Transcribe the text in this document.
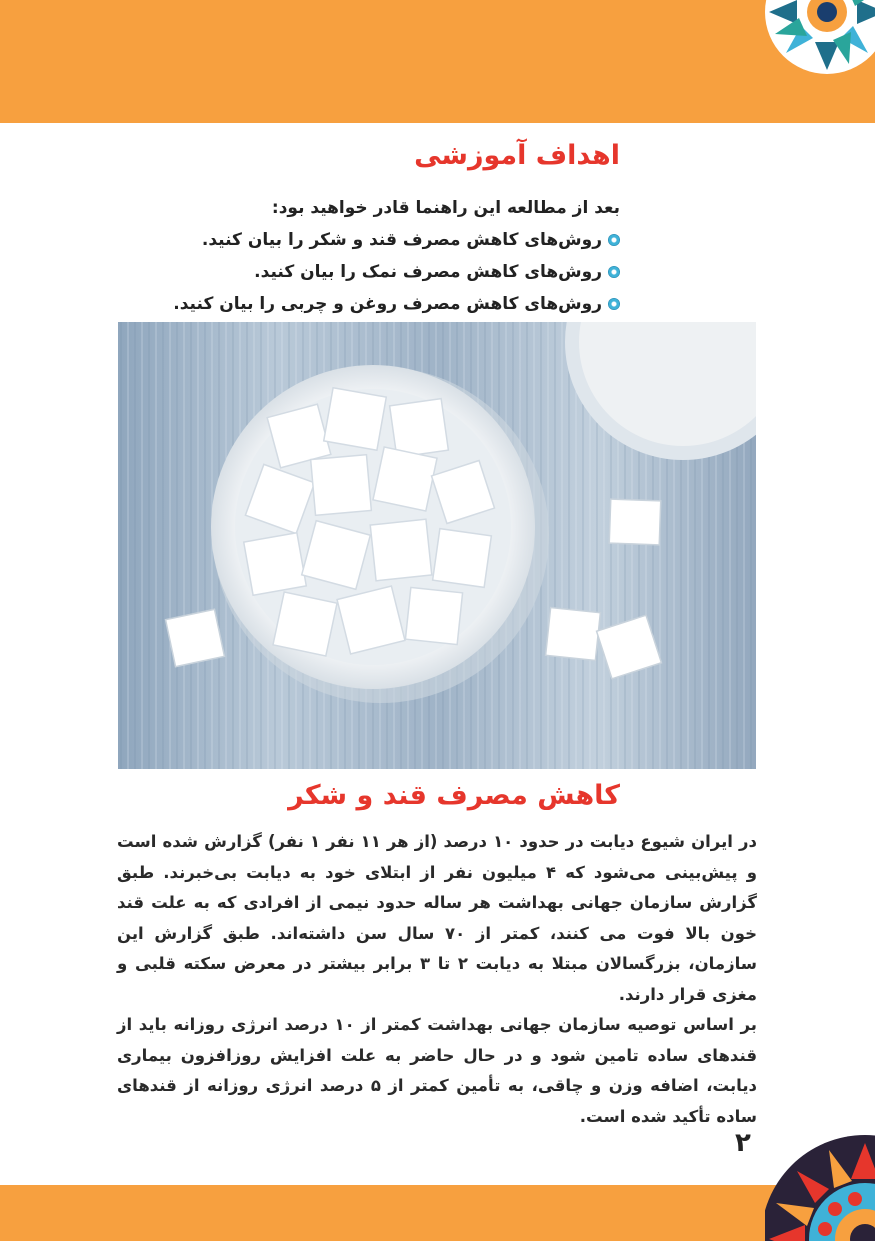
اهداف آموزشی

بعد از مطالعه این راهنما قادر خواهید بود:

روش‌های کاهش مصرف قند و شکر را بیان کنید.
روش‌های کاهش مصرف نمک را بیان کنید.
روش‌های کاهش مصرف روغن و چربی را بیان کنید.
کاهش مصرف قند و شکر

در ایران شیوع دیابت در حدود ۱۰ درصد (از هر ۱۱ نفر ۱ نفر) گزارش شده است و پیش‌بینی می‌شود که ۴ میلیون نفر از ابتلای خود به دیابت بی‌خبرند. طبق گزارش سازمان جهانی بهداشت هر ساله حدود نیمی از افرادی که به علت قند خون بالا فوت می کنند، کمتر از ۷۰ سال سن داشته‌اند. طبق گزارش این سازمان، بزرگسالان مبتلا به دیابت ۲ تا ۳ برابر بیشتر در معرض سکته قلبی و مغزی قرار دارند.

بر اساس توصیه سازمان جهانی بهداشت کمتر از ۱۰ درصد انرژی روزانه باید از قندهای ساده تامین شود و در حال حاضر به علت افزایش روزافزون بیماری دیابت، اضافه وزن و چاقی، به تأمین کمتر از ۵ درصد انرژی روزانه از قندهای ساده تأکید شده است.

۲
